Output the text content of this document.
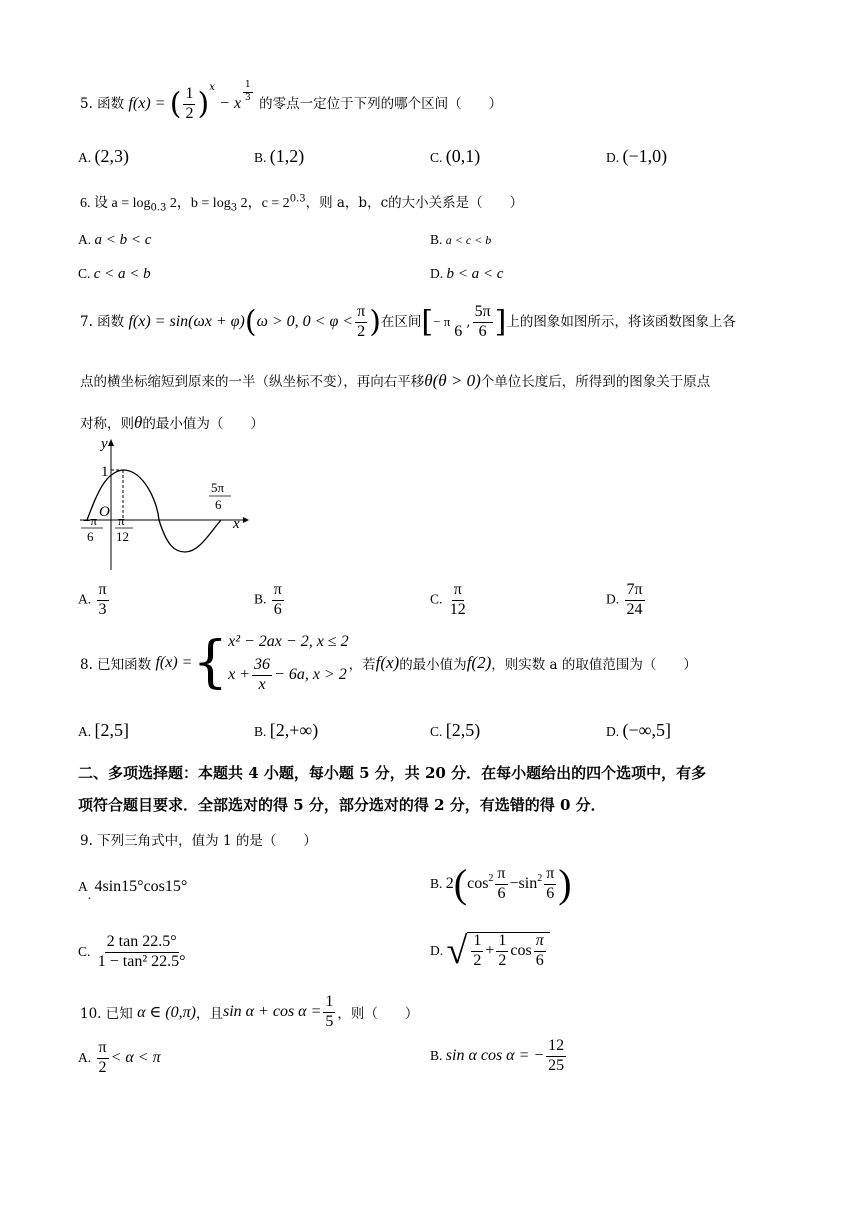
5. 函数 f(x) = ( $\frac{1}{2} )^x - x$
$\frac{1}{3}$
的零点一定位于下列的哪个区间（　　）
A. (2,3)	B. (1,2)	C. (0,1)	D. (−1,0)
6. 设 $a = \log_{0.3} 2$，$b = \log_3 2$，$c = 2^{0.3}$，则 a，b，c的大小关系是（　　）
A. a < b < c	B. a < c < b
C. c < a < b	D. b < a < c
7. 函数 f(x) = sin(ωx + φ)(ω > 0, $0 < \varphi < \frac{\pi}{2}$ )在区间[− π

6
, $\frac{5\pi}{6}$ ]上的图象如图所示，将该函数图象上各
点的横坐标缩短到原来的一半（纵坐标不变），再向右平移θ(θ > 0)个单位长度后，所得到的图象关于原点
对称，则θ的最小值为（　　）
y
x
1
O
−π
6
π
12
5π
6
A. $\frac{\pi}{3}$	B. $\frac{\pi}{6}$	C. $\frac{\pi}{12}$	D. $\frac{7\pi}{24}$
8. 已知函数
f(x) = { x² − 2ax − 2, x ≤ 2
$x + \frac{36}{x} - 6a$, x > 2
，若 f(x) 的最小值为 f(2) ，则实数 a 的取值范围为（　　）
A. [2,5]	B. [2,+∞)	C. [2,5)	D. (−∞,5]
二、多项选择题：本题共 4 小题，每小题 5 分，共 20 分．在每小题给出的四个选项中，有多
项符合题目要求．全部选对的得 5 分，部分选对的得 2 分，有选错的得 0 分．
9. 下列三角式中，值为 1 的是（　　）
A. 4sin15°cos15°	B.
2 ( $\cos 2 \frac{\pi}{6} - \sin 2 \frac{\pi}{6}$ )
C.
$\frac{2 \tan 22.5^\circ}{\text{1 − tan² 22.5°}}$	D.
√ $\frac{1}{2} + \frac{1}{2}$ $\cos \frac{\pi}{6}$
10. 已知
α ∈ (0,π) ，且 $\sin \alpha + \cos \alpha = \frac{1}{5}$ ，则（　　）
A.
$\frac{\pi}{2} < \alpha < \pi$	B.
sin α cos α = − $\frac{12}{25}$
